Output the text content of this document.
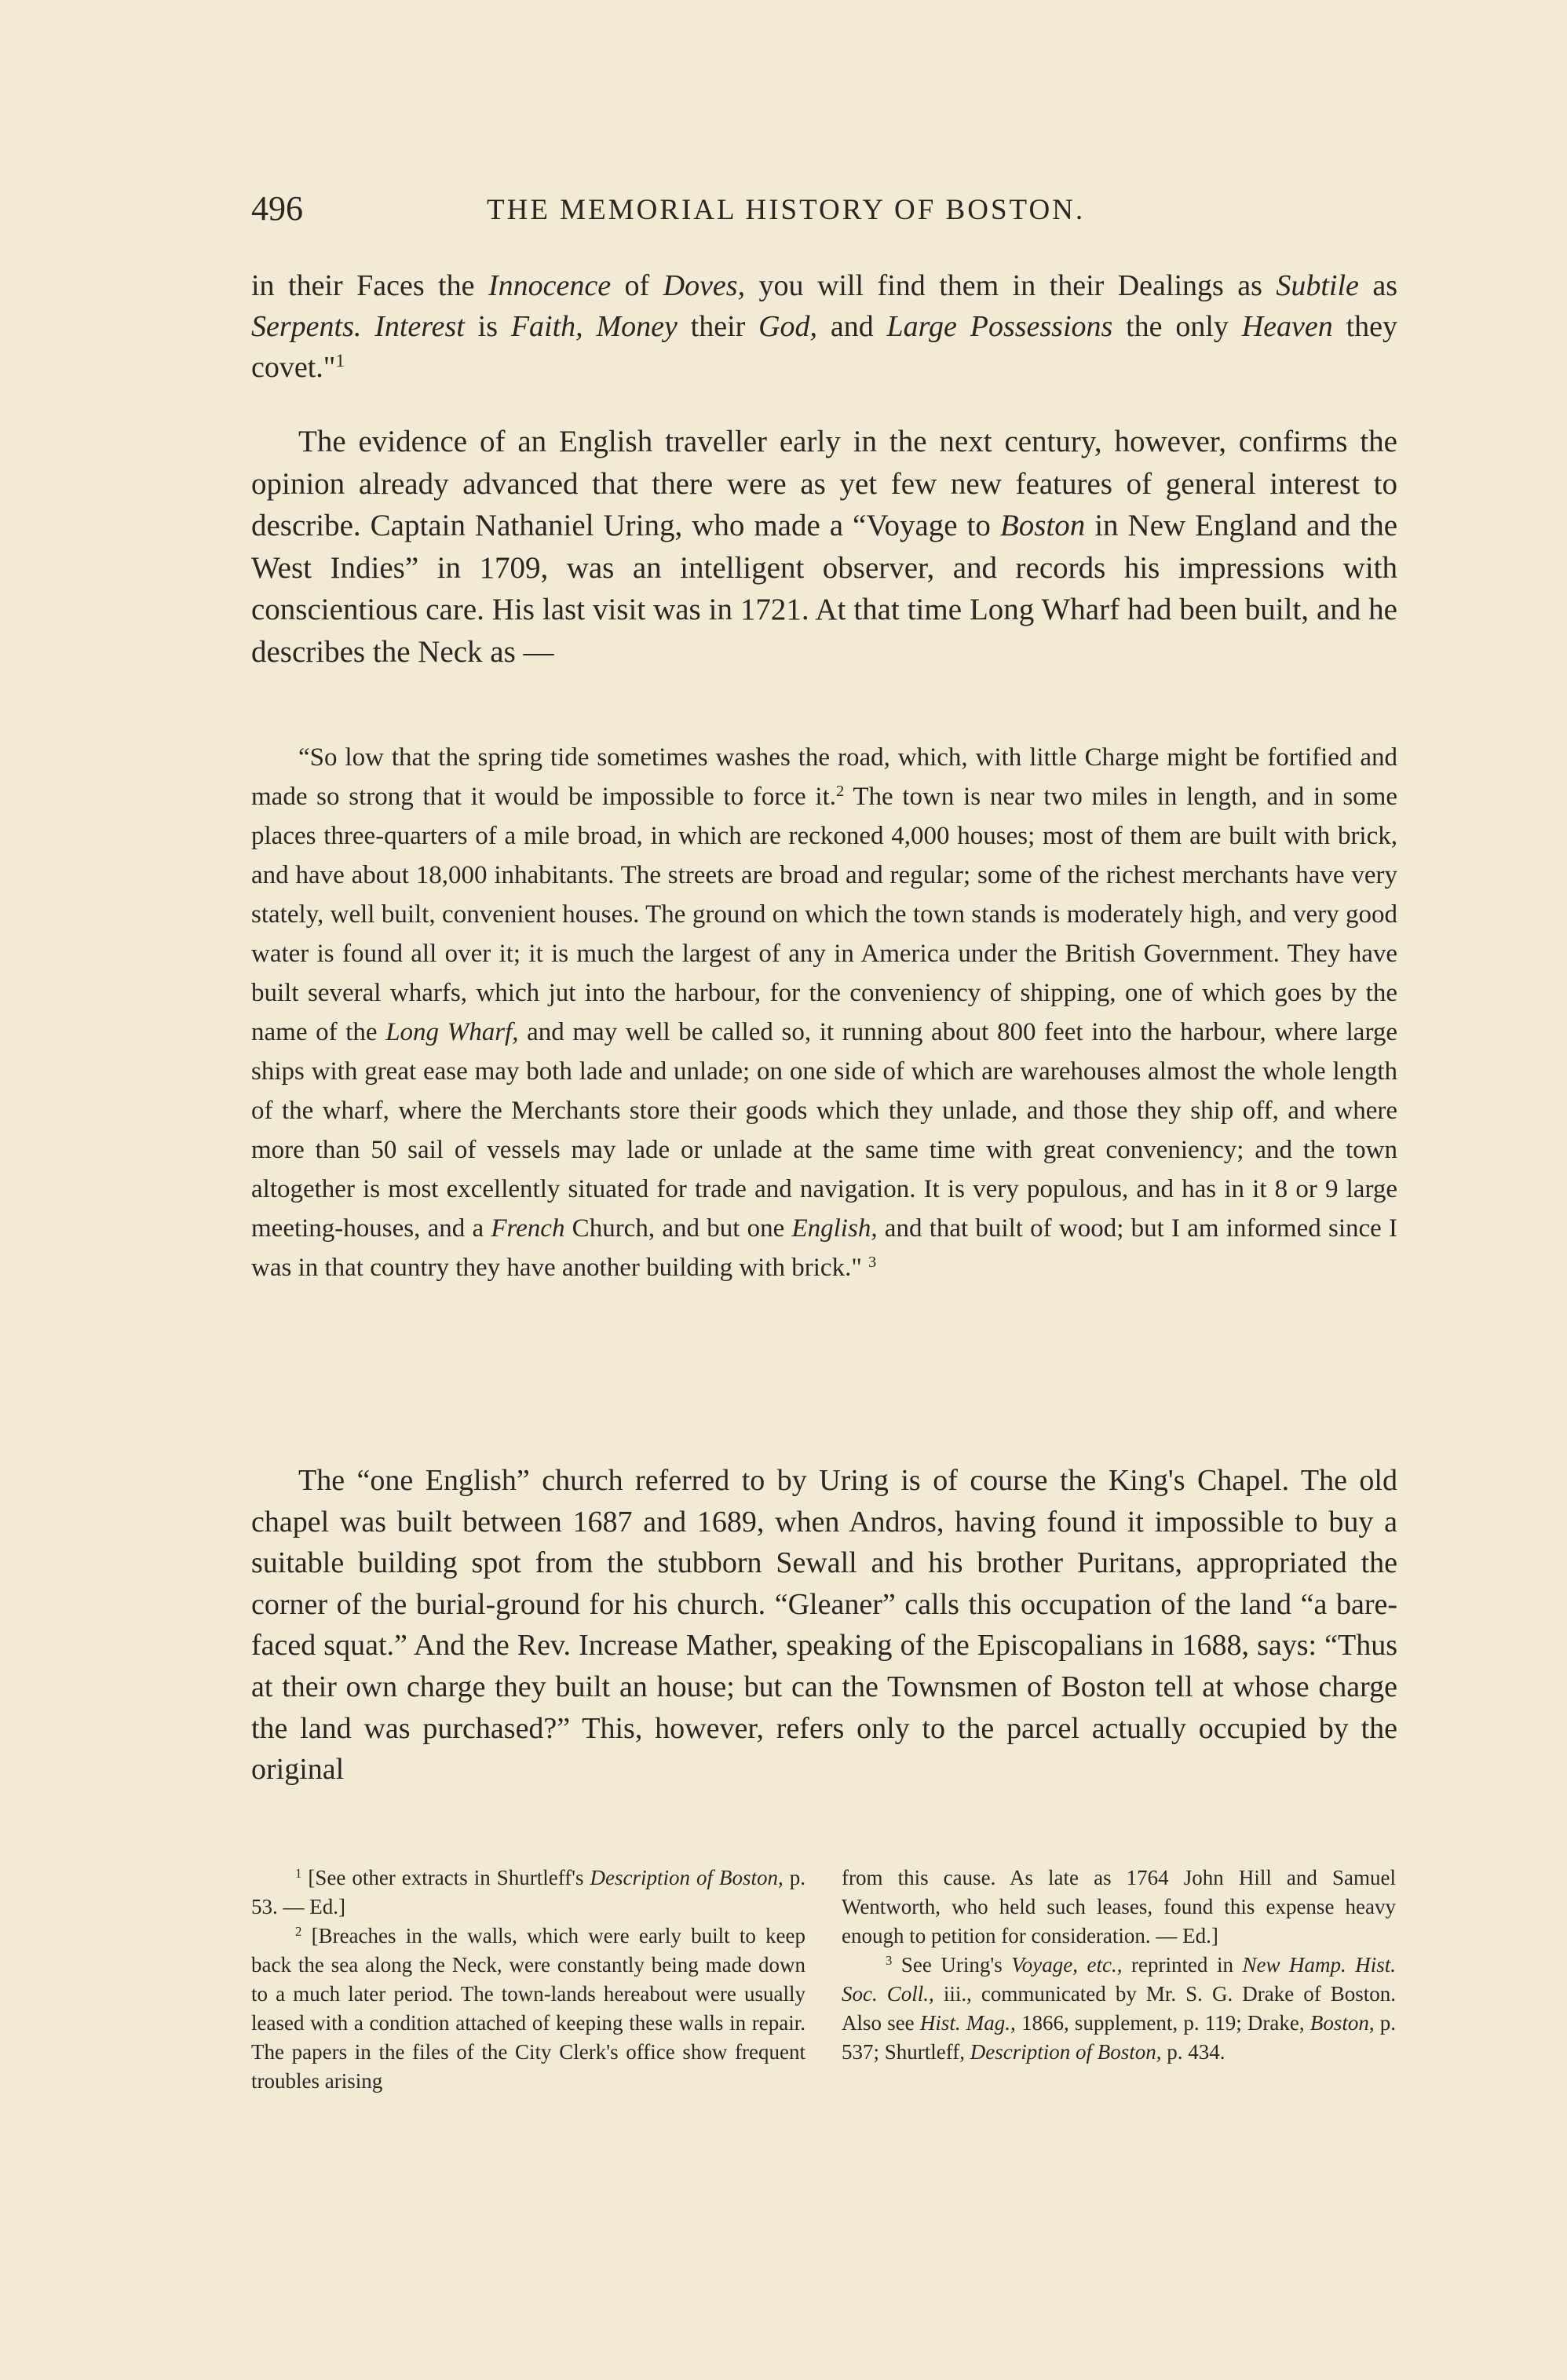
496	THE MEMORIAL HISTORY OF BOSTON.

in their Faces the Innocence of Doves, you will find them in their Dealings as Subtile as Serpents. Interest is Faith, Money their God, and Large Possessions the only Heaven they covet."$^1$

The evidence of an English traveller early in the next century, however, confirms the opinion already advanced that there were as yet few new features of general interest to describe. Captain Nathaniel Uring, who made a “Voyage to Boston in New England and the West Indies” in 1709, was an intelligent observer, and records his impressions with conscientious care. His last visit was in 1721. At that time Long Wharf had been built, and he describes the Neck as —

“So low that the spring tide sometimes washes the road, which, with little Charge might be fortified and made so strong that it would be impossible to force it.$^2$ The town is near two miles in length, and in some places three-quarters of a mile broad, in which are reckoned 4,000 houses; most of them are built with brick, and have about 18,000 inhabitants. The streets are broad and regular; some of the richest merchants have very stately, well built, convenient houses. The ground on which the town stands is moderately high, and very good water is found all over it; it is much the largest of any in America under the British Government. They have built several wharfs, which jut into the harbour, for the conveniency of shipping, one of which goes by the name of the Long Wharf, and may well be called so, it running about 800 feet into the harbour, where large ships with great ease may both lade and unlade; on one side of which are warehouses almost the whole length of the wharf, where the Merchants store their goods which they unlade, and those they ship off, and where more than 50 sail of vessels may lade or unlade at the same time with great conveniency; and the town altogether is most excellently situated for trade and navigation. It is very populous, and has in it 8 or 9 large meeting-houses, and a French Church, and but one English, and that built of wood; but I am informed since I was in that country they have another building with brick." $^3$

The “one English” church referred to by Uring is of course the King's Chapel. The old chapel was built between 1687 and 1689, when Andros, having found it impossible to buy a suitable building spot from the stubborn Sewall and his brother Puritans, appropriated the corner of the burial-ground for his church. “Gleaner” calls this occupation of the land “a bare-faced squat.” And the Rev. Increase Mather, speaking of the Episcopalians in 1688, says: “Thus at their own charge they built an house; but can the Townsmen of Boston tell at whose charge the land was purchased?” This, however, refers only to the parcel actually occupied by the original

$^1$ [See other extracts in Shurtleff's Description of Boston, p. 53. — Ed.]

$^2$ [Breaches in the walls, which were early built to keep back the sea along the Neck, were constantly being made down to a much later period. The town-lands hereabout were usually leased with a condition attached of keeping these walls in repair. The papers in the files of the City Clerk's office show frequent troubles arising

from this cause. As late as 1764 John Hill and Samuel Wentworth, who held such leases, found this expense heavy enough to petition for consideration. — Ed.]

$^3$ See Uring's Voyage, etc., reprinted in New Hamp. Hist. Soc. Coll., iii., communicated by Mr. S. G. Drake of Boston. Also see Hist. Mag., 1866, supplement, p. 119; Drake, Boston, p. 537; Shurtleff, Description of Boston, p. 434.
